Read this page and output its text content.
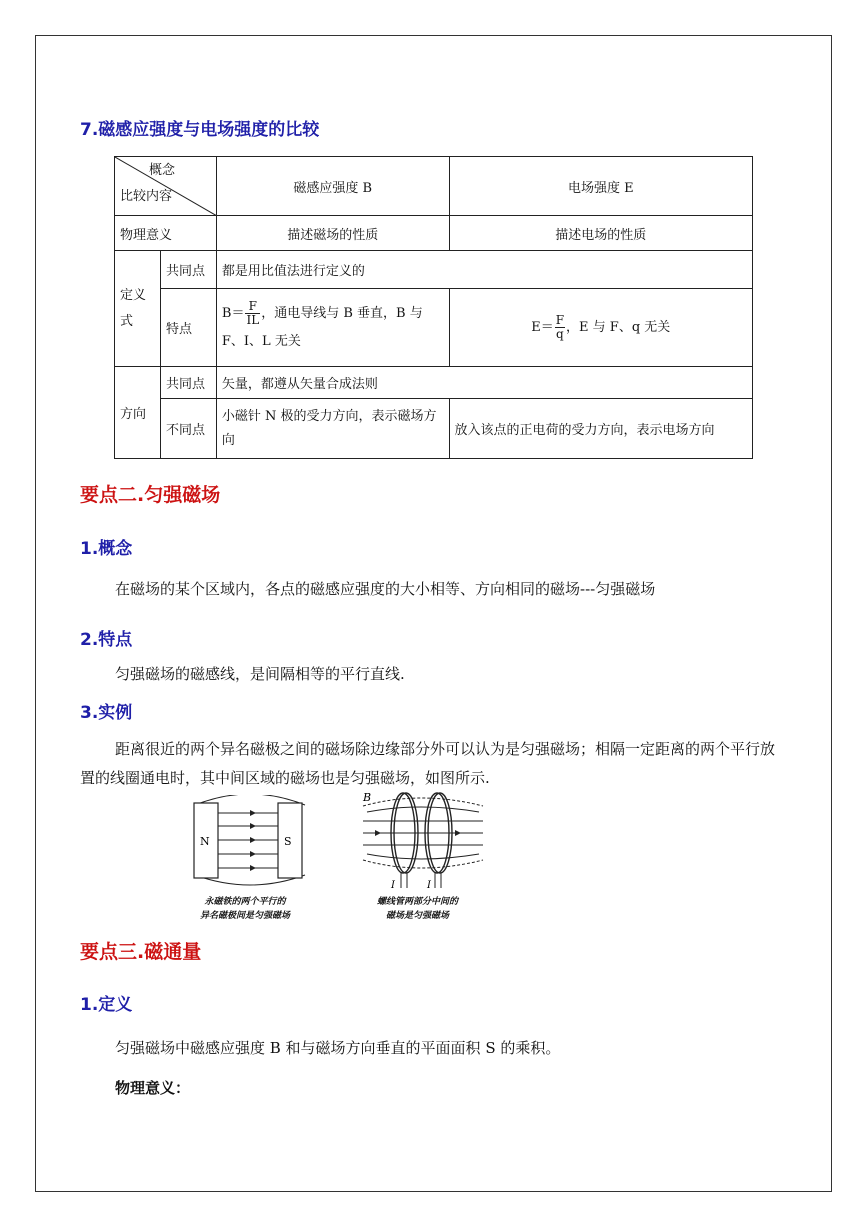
7.磁感应强度与电场强度的比较
概念
比较内容		磁感应强度 B	电场强度 E
物理意义		描述磁场的性质	描述电场的性质
定义式	共同点	都是用比值法进行定义的	
	特点	$B= \frac{F}{IL}$ ，通电导线与 B 垂直，B 与 F、I、L 无关	$E= \frac{F}{q}$ ，E 与 F、q 无关
方向	共同点	矢量，都遵从矢量合成法则	
	不同点	小磁针 N 极的受力方向，表示磁场方向	放入该点的正电荷的受力方向，表示电场方向
要点二.匀强磁场
1.概念
在磁场的某个区域内，各点的磁感应强度的大小相等、方向相同的磁场---匀强磁场
2.特点
匀强磁场的磁感线，是间隔相等的平行直线.
3.实例
距离很近的两个异名磁极之间的磁场除边缘部分外可以认为是匀强磁场；相隔一定距离的两个平行放置的线圈通电时，其中间区域的磁场也是匀强磁场，如图所示.
N	S
永磁铁的两个平行的
异名磁极间是匀强磁场
B
I	I
螺线管两部分中间的
磁场是匀强磁场
要点三.磁通量
1.定义
匀强磁场中磁感应强度 B 和与磁场方向垂直的平面面积 S 的乘积。
物理意义：
